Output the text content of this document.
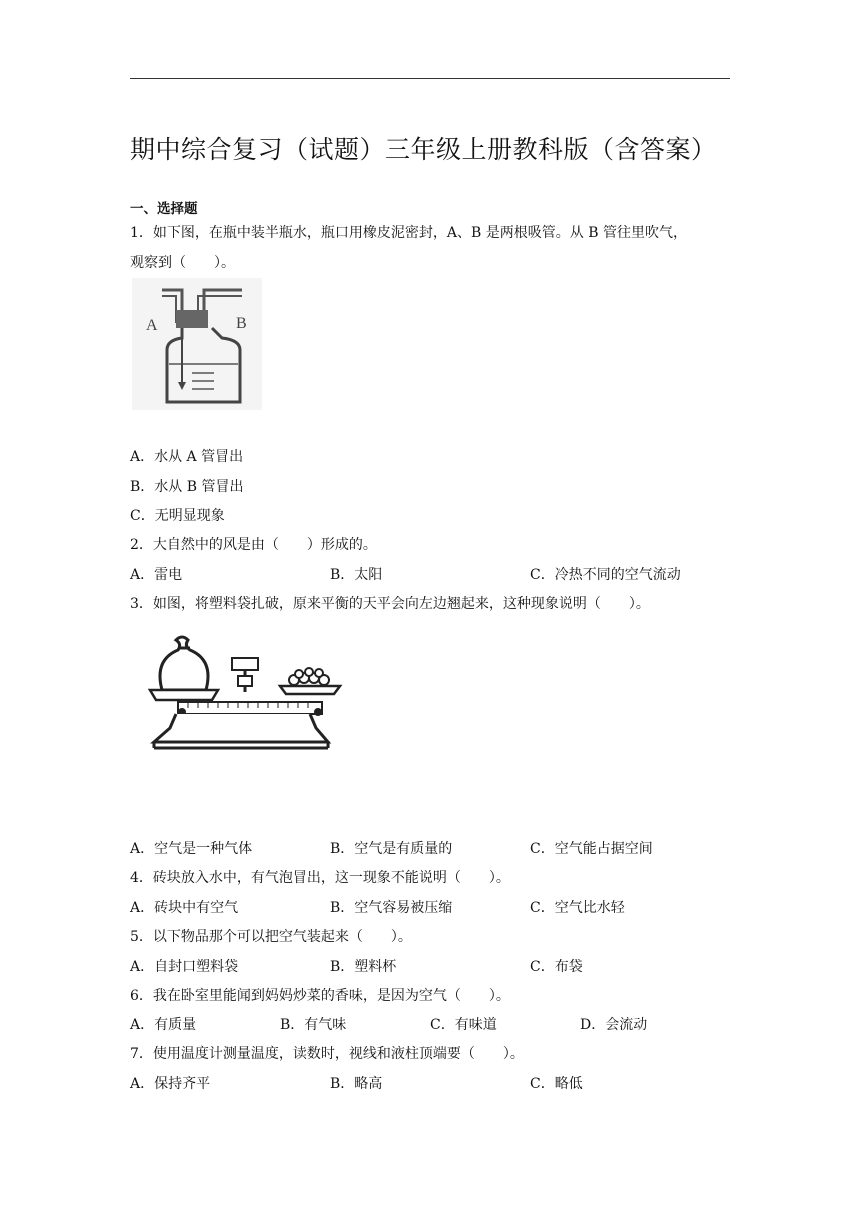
期中综合复习（试题）三年级上册教科版（含答案）
一、选择题
1．如下图，在瓶中装半瓶水，瓶口用橡皮泥密封，A、B 是两根吸管。从 B 管往里吹气，
观察到（　　）。
A	B
A．水从 A 管冒出
B．水从 B 管冒出
C．无明显现象
2．大自然中的风是由（　　）形成的。
A．雷电	B．太阳	C．冷热不同的空气流动
3．如图，将塑料袋扎破，原来平衡的天平会向左边翘起来，这种现象说明（　　）。
A．空气是一种气体	B．空气是有质量的	C．空气能占据空间
4．砖块放入水中，有气泡冒出，这一现象不能说明（　　）。
A．砖块中有空气	B．空气容易被压缩	C．空气比水轻
5．以下物品那个可以把空气装起来（　　）。
A．自封口塑料袋	B．塑料杯	C．布袋
6．我在卧室里能闻到妈妈炒菜的香味，是因为空气（　　）。
A．有质量	B．有气味	C．有味道	D．会流动
7．使用温度计测量温度，读数时，视线和液柱顶端要（　　）。
A．保持齐平	B．略高	C．略低
